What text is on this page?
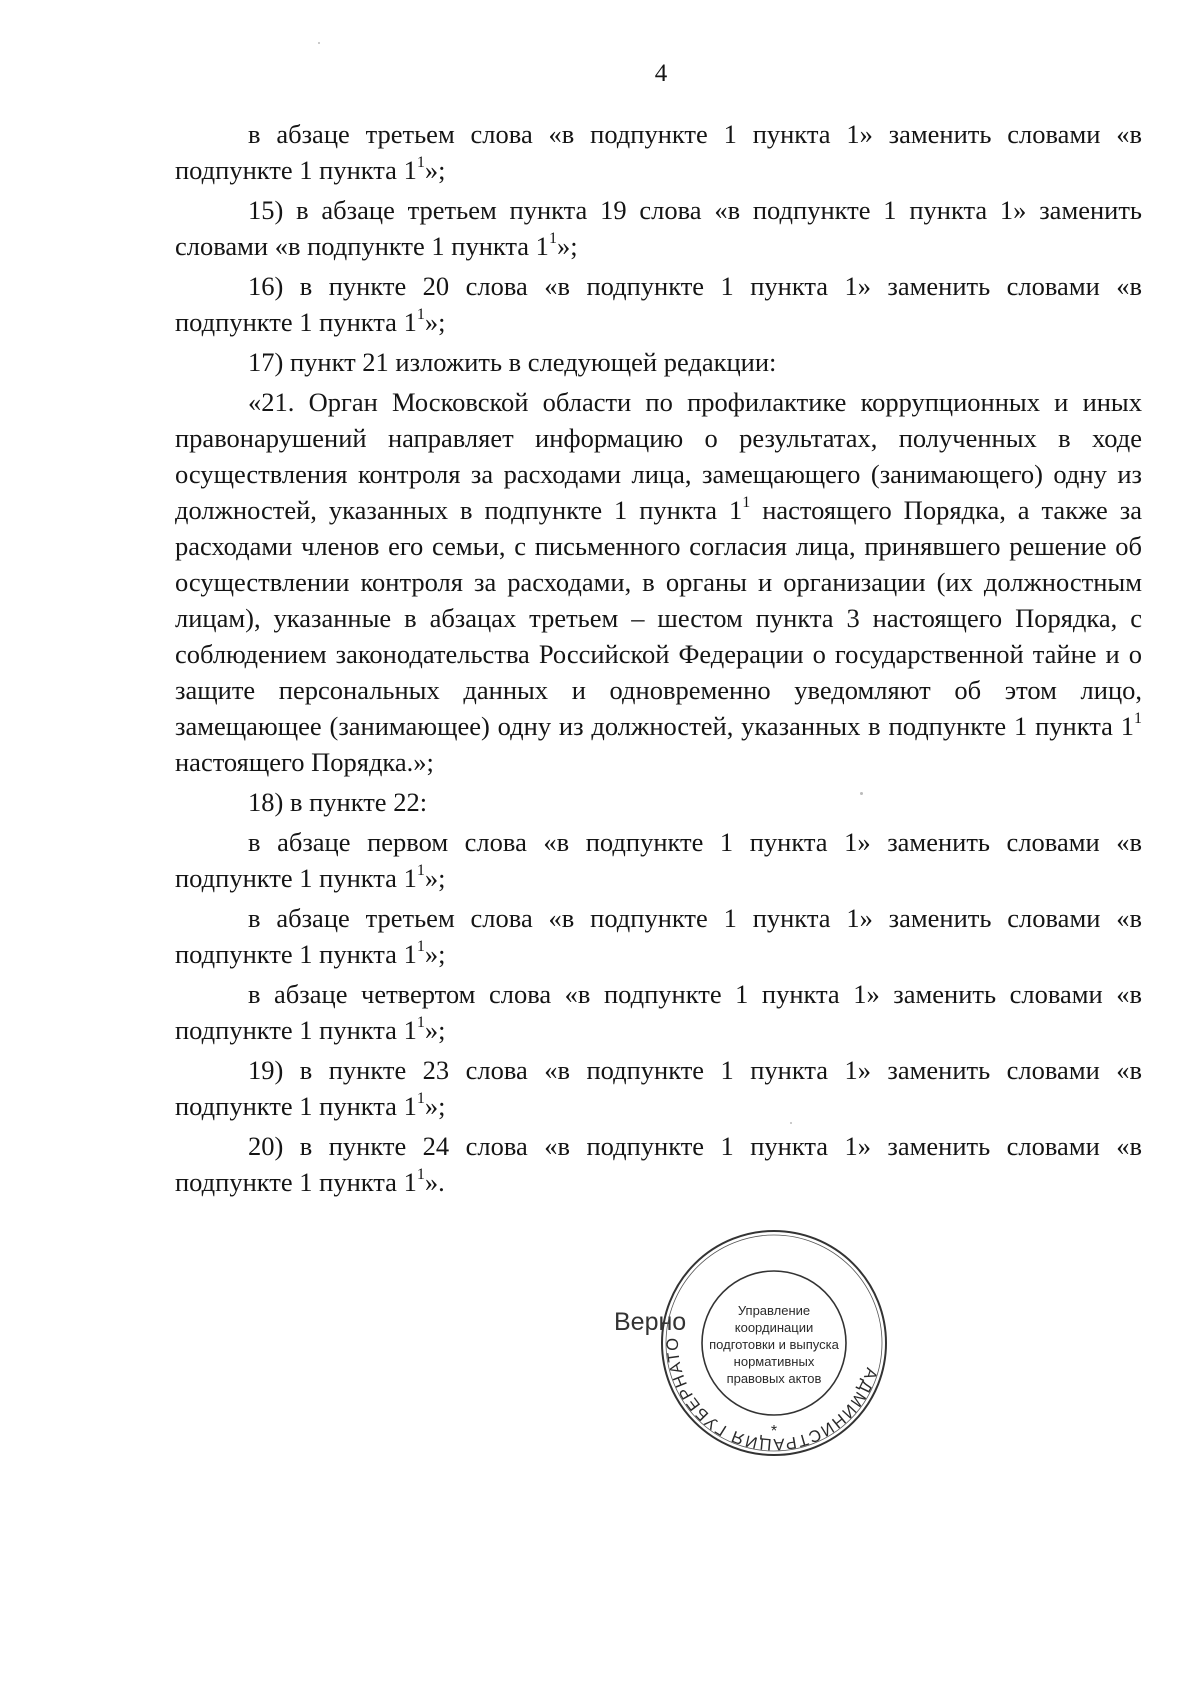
4

в абзаце третьем слова «в подпункте 1 пункта 1» заменить словами «в подпункте 1 пункта $1^1$»;

15) в абзаце третьем пункта 19 слова «в подпункте 1 пункта 1» заменить словами «в подпункте 1 пункта $1^1$»;

16) в пункте 20 слова «в подпункте 1 пункта 1» заменить словами «в подпункте 1 пункта $1^1$»;

17) пункт 21 изложить в следующей редакции:

«21. Орган Московской области по профилактике коррупционных и иных правонарушений направляет информацию о результатах, полученных в ходе осуществления контроля за расходами лица, замещающего (занимающего) одну из должностей, указанных в подпункте 1 пункта $1^1$ настоящего Порядка, а также за расходами членов его семьи, с письменного согласия лица, принявшего решение об осуществлении контроля за расходами, в органы и организации (их должностным лицам), указанные в абзацах третьем – шестом пункта 3 настоящего Порядка, с соблюдением законодательства Российской Федерации о государственной тайне и о защите персональных данных и одновременно уведомляют об этом лицо, замещающее (занимающее) одну из должностей, указанных в подпункте 1 пункта $1^1$ настоящего Порядка.»;

18) в пункте 22:

в абзаце первом слова «в подпункте 1 пункта 1» заменить словами «в подпункте 1 пункта $1^1$»;

в абзаце третьем слова «в подпункте 1 пункта 1» заменить словами «в подпункте 1 пункта $1^1$»;

в абзаце четвертом слова «в подпункте 1 пункта 1» заменить словами «в подпункте 1 пункта $1^1$»;

19) в пункте 23 слова «в подпункте 1 пункта 1» заменить словами «в подпункте 1 пункта $1^1$»;

20) в пункте 24 слова «в подпункте 1 пункта 1» заменить словами «в подпункте 1 пункта $1^1$».

Верно
АДМИНИСТРАЦИЯ ГУБЕРНАТО
Управление координации подготовки и выпуска нормативных правовых актов
*
